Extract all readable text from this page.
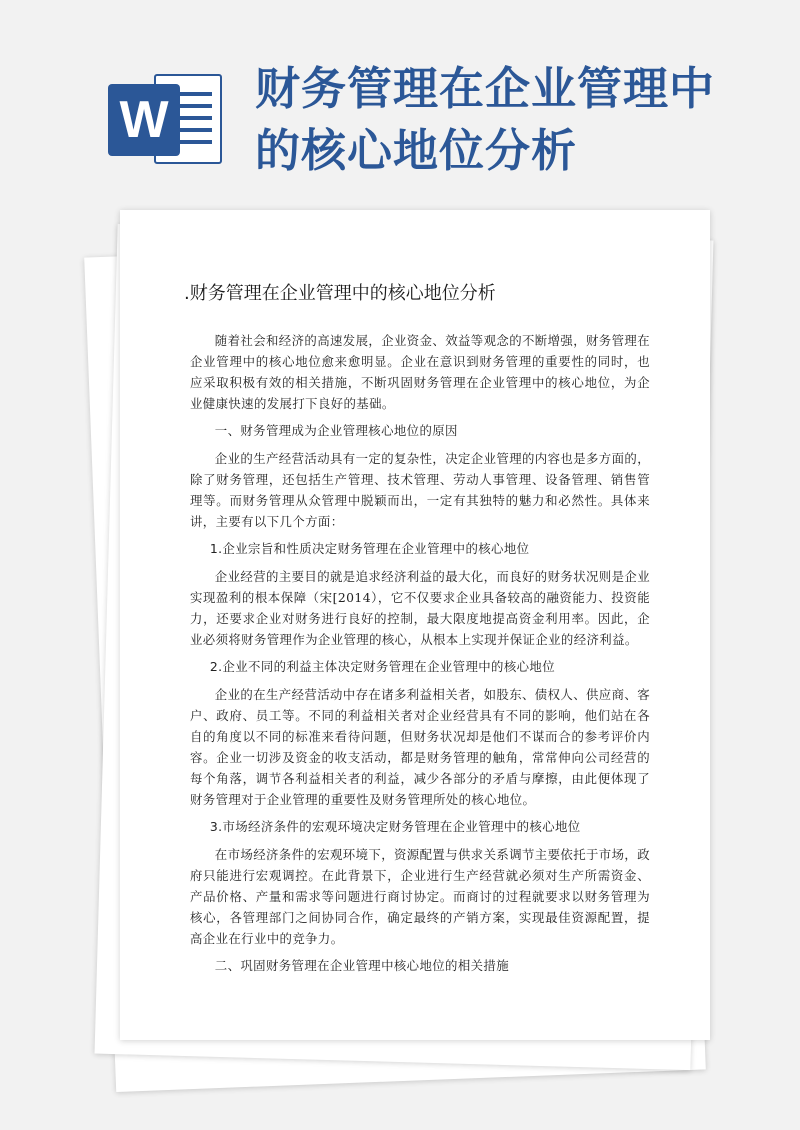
W
财务管理在企业管理中的核心地位分析
.财务管理在企业管理中的核心地位分析

随着社会和经济的高速发展，企业资金、效益等观念的不断增强，财务管理在企业管理中的核心地位愈来愈明显。企业在意识到财务管理的重要性的同时，也应采取积极有效的相关措施，不断巩固财务管理在企业管理中的核心地位，为企业健康快速的发展打下良好的基础。

一、财务管理成为企业管理核心地位的原因

企业的生产经营活动具有一定的复杂性，决定企业管理的内容也是多方面的，除了财务管理，还包括生产管理、技术管理、劳动人事管理、设备管理、销售管理等。而财务管理从众管理中脱颖而出，一定有其独特的魅力和必然性。具体来讲，主要有以下几个方面：

1.企业宗旨和性质决定财务管理在企业管理中的核心地位

企业经营的主要目的就是追求经济利益的最大化，而良好的财务状况则是企业实现盈利的根本保障（宋[2014），它不仅要求企业具备较高的融资能力、投资能力，还要求企业对财务进行良好的控制，最大限度地提高资金利用率。因此，企业必须将财务管理作为企业管理的核心，从根本上实现并保证企业的经济利益。

2.企业不同的利益主体决定财务管理在企业管理中的核心地位

企业的在生产经营活动中存在诸多利益相关者，如股东、债权人、供应商、客户、政府、员工等。不同的利益相关者对企业经营具有不同的影响，他们站在各自的角度以不同的标准来看待问题，但财务状况却是他们不谋而合的参考评价内容。企业一切涉及资金的收支活动，都是财务管理的触角，常常伸向公司经营的每个角落，调节各利益相关者的利益，减少各部分的矛盾与摩擦，由此便体现了财务管理对于企业管理的重要性及财务管理所处的核心地位。

3.市场经济条件的宏观环境决定财务管理在企业管理中的核心地位

在市场经济条件的宏观环境下，资源配置与供求关系调节主要依托于市场，政府只能进行宏观调控。在此背景下，企业进行生产经营就必须对生产所需资金、产品价格、产量和需求等问题进行商讨协定。而商讨的过程就要求以财务管理为核心，各管理部门之间协同合作，确定最终的产销方案，实现最佳资源配置，提高企业在行业中的竞争力。

二、巩固财务管理在企业管理中核心地位的相关措施
